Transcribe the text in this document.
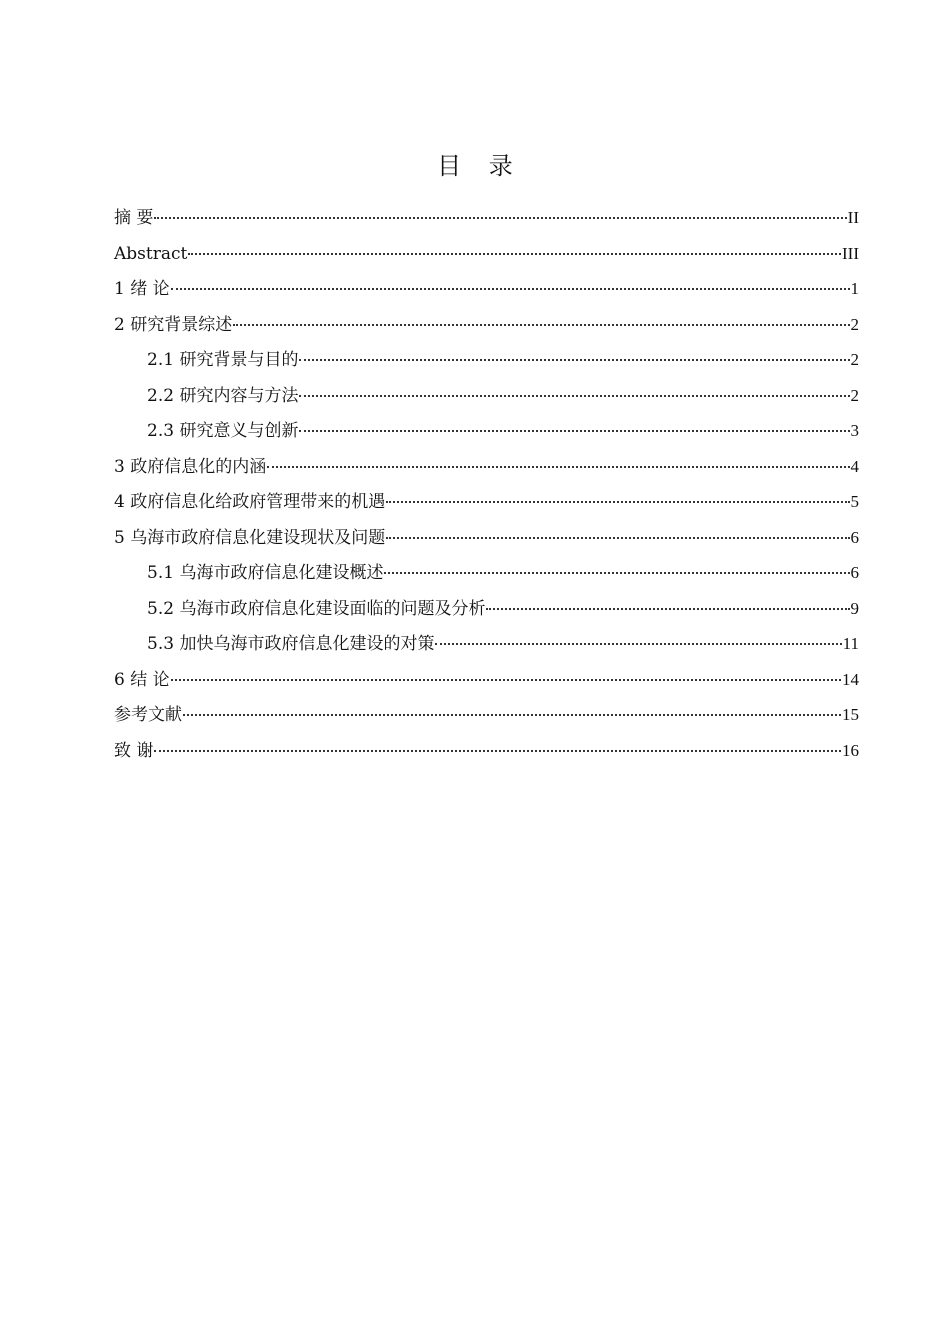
目 录
摘 要	II
Abstract	III
1 绪 论	1
2 研究背景综述	2
2.1 研究背景与目的	2
2.2 研究内容与方法	2
2.3 研究意义与创新	3
3 政府信息化的内涵	4
4 政府信息化给政府管理带来的机遇	5
5 乌海市政府信息化建设现状及问题	6
5.1 乌海市政府信息化建设概述	6
5.2 乌海市政府信息化建设面临的问题及分析	9
5.3 加快乌海市政府信息化建设的对策	11
6 结 论	14
参考文献	15
致 谢	16
